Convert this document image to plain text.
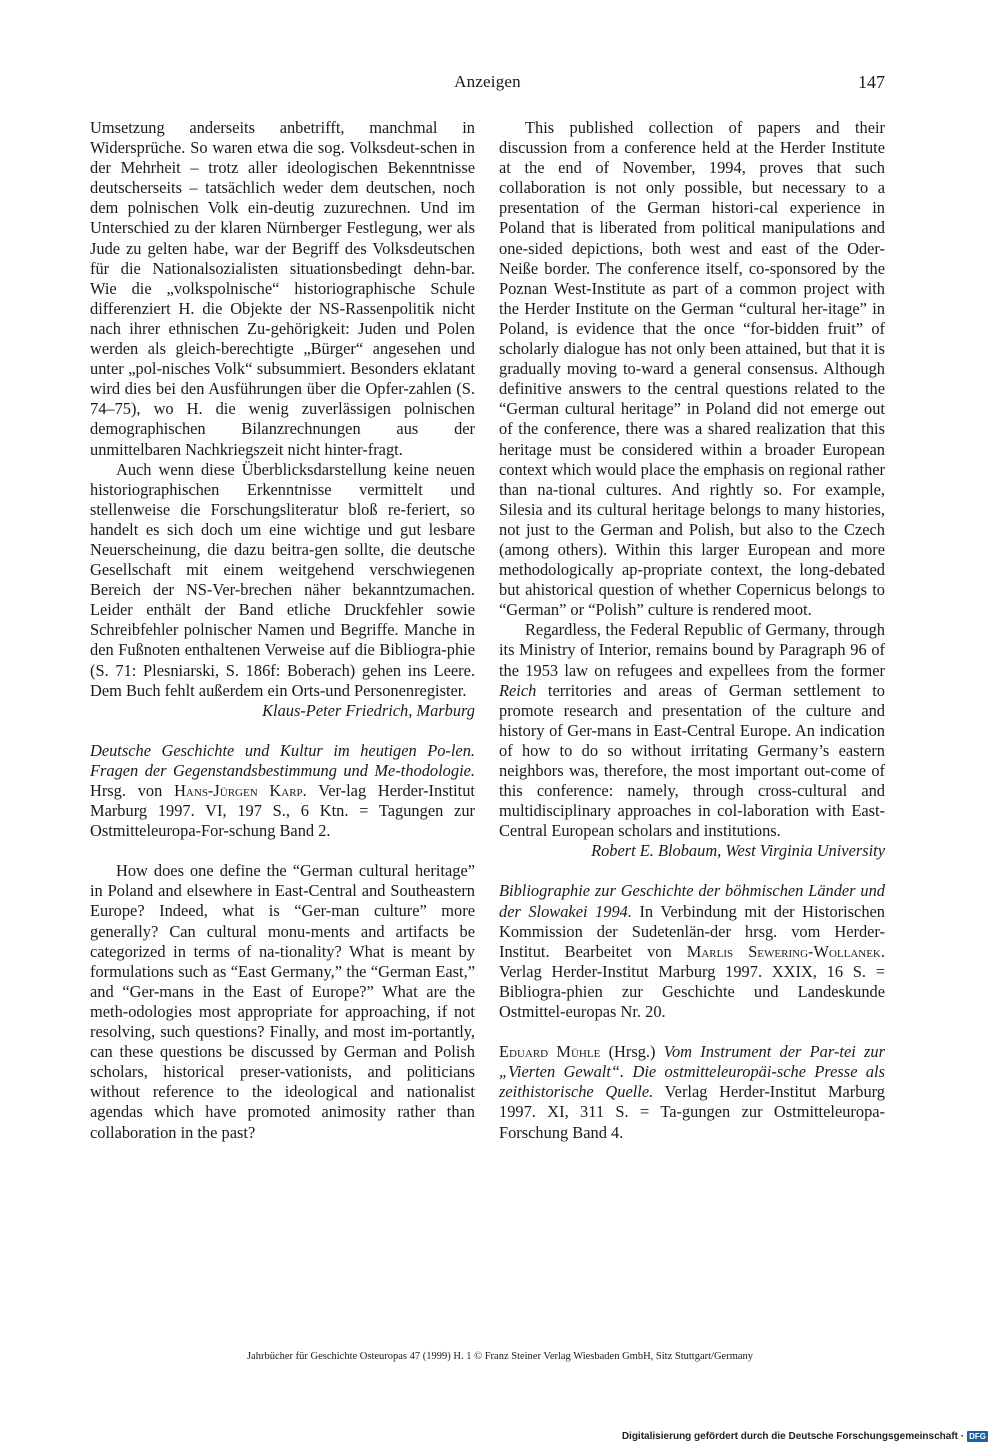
Anzeigen	147

Umsetzung anderseits anbetrifft, manchmal in Widersprüche. So waren etwa die sog. Volksdeut-schen in der Mehrheit – trotz aller ideologischen Bekenntnisse deutscherseits – tatsächlich weder dem deutschen, noch dem polnischen Volk ein-deutig zuzurechnen. Und im Unterschied zu der klaren Nürnberger Festlegung, wer als Jude zu gelten habe, war der Begriff des Volksdeutschen für die Nationalsozialisten situationsbedingt dehn-bar. Wie die „volkspolnische“ historiographische Schule differenziert H. die Objekte der NS-Rassenpolitik nicht nach ihrer ethnischen Zu-gehörigkeit: Juden und Polen werden als gleich-berechtigte „Bürger“ angesehen und unter „pol-nisches Volk“ subsummiert. Besonders eklatant wird dies bei den Ausführungen über die Opfer-zahlen (S. 74–75), wo H. die wenig zuverlässigen polnischen demographischen Bilanzrechnungen aus der unmittelbaren Nachkriegszeit nicht hinter-fragt.

Auch wenn diese Überblicksdarstellung keine neuen historiographischen Erkenntnisse vermittelt und stellenweise die Forschungsliteratur bloß re-feriert, so handelt es sich doch um eine wichtige und gut lesbare Neuerscheinung, die dazu beitra-gen sollte, die deutsche Gesellschaft mit einem weitgehend verschwiegenen Bereich der NS-Ver-brechen näher bekanntzumachen. Leider enthält der Band etliche Druckfehler sowie Schreibfehler polnischer Namen und Begriffe. Manche in den Fußnoten enthaltenen Verweise auf die Bibliogra-phie (S. 71: Plesniarski, S. 186f: Boberach) gehen ins Leere. Dem Buch fehlt außerdem ein Orts-und Personenregister.

Klaus-Peter Friedrich, Marburg

Deutsche Geschichte und Kultur im heutigen Po-len. Fragen der Gegenstandsbestimmung und Me-thodologie. Hrsg. von Hans-Jürgen Karp. Ver-lag Herder-Institut Marburg 1997. VI, 197 S., 6 Ktn. = Tagungen zur Ostmitteleuropa-For-schung Band 2.

How does one define the “German cultural heritage” in Poland and elsewhere in East-Central and Southeastern Europe? Indeed, what is “Ger-man culture” more generally? Can cultural monu-ments and artifacts be categorized in terms of na-tionality? What is meant by formulations such as “East Germany,” the “German East,” and “Ger-mans in the East of Europe?” What are the meth-odologies most appropriate for approaching, if not resolving, such questions? Finally, and most im-portantly, can these questions be discussed by German and Polish scholars, historical preser-vationists, and politicians without reference to the ideological and nationalist agendas which have promoted animosity rather than collaboration in the past?

This published collection of papers and their discussion from a conference held at the Herder Institute at the end of November, 1994, proves that such collaboration is not only possible, but necessary to a presentation of the German histori-cal experience in Poland that is liberated from political manipulations and one-sided depictions, both west and east of the Oder-Neiße border. The conference itself, co-sponsored by the Poznan West-Institute as part of a common project with the Herder Institute on the German “cultural her-itage” in Poland, is evidence that the once “for-bidden fruit” of scholarly dialogue has not only been attained, but that it is gradually moving to-ward a general consensus. Although definitive answers to the central questions related to the “German cultural heritage” in Poland did not emerge out of the conference, there was a shared realization that this heritage must be considered within a broader European context which would place the emphasis on regional rather than na-tional cultures. And rightly so. For example, Silesia and its cultural heritage belongs to many histories, not just to the German and Polish, but also to the Czech (among others). Within this larger European and more methodologically ap-propriate context, the long-debated but ahistorical question of whether Copernicus belongs to “German” or “Polish” culture is rendered moot.

Regardless, the Federal Republic of Germany, through its Ministry of Interior, remains bound by Paragraph 96 of the 1953 law on refugees and expellees from the former Reich territories and areas of German settlement to promote research and presentation of the culture and history of Ger-mans in East-Central Europe. An indication of how to do so without irritating Germany’s eastern neighbors was, therefore, the most important out-come of this conference: namely, through cross-cultural and multidisciplinary approaches in col-laboration with East-Central European scholars and institutions.

Robert E. Blobaum, West Virginia University

Bibliographie zur Geschichte der böhmischen Länder und der Slowakei 1994. In Verbindung mit der Historischen Kommission der Sudetenlän-der hrsg. vom Herder-Institut. Bearbeitet von Marlis Sewering-Wollanek. Verlag Herder-Institut Marburg 1997. XXIX, 16 S. = Bibliogra-phien zur Geschichte und Landeskunde Ostmittel-europas Nr. 20.

Eduard Mühle (Hrsg.) Vom Instrument der Par-tei zur „Vierten Gewalt“. Die ostmitteleuropäi-sche Presse als zeithistorische Quelle. Verlag Herder-Institut Marburg 1997. XI, 311 S. = Ta-gungen zur Ostmitteleuropa-Forschung Band 4.

Jahrbücher für Geschichte Osteuropas 47 (1999) H. 1 © Franz Steiner Verlag Wiesbaden GmbH, Sitz Stuttgart/Germany
Digitalisierung gefördert durch die Deutsche Forschungsgemeinschaft · DFG
